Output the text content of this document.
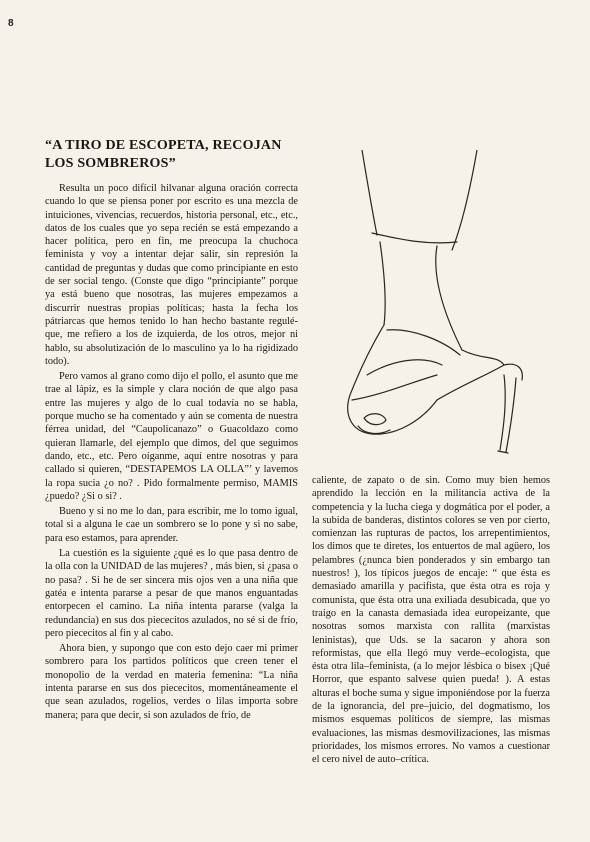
8
“A TIRO DE ESCOPETA, RECOJAN
LOS SOMBREROS”

Resulta un poco difícil hilvanar alguna oración correcta cuando lo que se piensa poner por escrito es una mezcla de intuiciones, vivencias, recuerdos, historia personal, etc., etc., datos de los cuales que yo sepa recién se está empezando a hacer política, pero en fin, me preocupa la chuchoca feminista y voy a intentar dejar salir, sin represión la cantidad de preguntas y dudas que como principiante en esto de ser social tengo. (Conste que digo “principiante” porque ya está bueno que nosotras, las mujeres empezamos a discurrir nuestras propias políticas; hasta la fecha los pátriarcas que hemos tenido lo han hecho bastante regulé-que, me refiero a los de izquierda, de los otros, mejor ni hablo, su absolutización de lo masculino ya lo ha rigidizado todo).

Pero vamos al grano como dijo el pollo, el asunto que me trae al lápiz, es la simple y clara noción de que algo pasa entre las mujeres y algo de lo cual todavía no se habla, porque mucho se ha comentado y aún se comenta de nuestra férrea unidad, del “Caupolicanazo” o Guacoldazo como quieran llamarle, del ejemplo que dimos, del que seguimos dando, etc., etc. Pero oíganme, aquí entre nosotras y para callado si quieren, “DESTAPEMOS LA OLLA”’ y lavemos la ropa sucia ¿o no? . Pido formalmente permiso, MAMIS ¿puedo? ¿Si o si? .

Bueno y si no me lo dan, para escribir, me lo tomo igual, total si a alguna le cae un sombrero se lo pone y si no sabe, para eso estamos, para aprender.

La cuestión es la siguiente ¿qué es lo que pasa dentro de la olla con la UNIDAD de las mujeres? , más bien, si ¿pasa o no pasa? . Si he de ser sincera mis ojos ven a una niña que gatéa e intenta pararse a pesar de que manos enguantadas entorpecen el camino. La niña intenta pararse (valga la redundancia) en sus dos piececitos azulados, no sé si de frío, pero piececitos al fin y al cabo.

Ahora bien, y supongo que con esto dejo caer mi primer sombrero para los partidos políticos que creen tener el monopolio de la verdad en materia femenina: “La niña intenta pararse en sus dos piececitos, momentáneamente el que sean azulados, rogelios, verdes o lilas importa sobre manera; para que decir, si son azulados de frío, de

caliente, de zapato o de sin. Como muy bien hemos aprendido la lección en la militancia activa de la competencia y la lucha ciega y dogmática por el poder, a la subida de banderas, distintos colores se ven por cierto, comienzan las rupturas de pactos, los arrepentimientos, los dimos que te diretes, los entuertos de mal agüero, los pelambres (¿nunca bien ponderados y sin embargo tan nuestros! ), los típicos juegos de encaje: “ que ésta es demasiado amarilla y pacifista, que ésta otra es roja y comunista, que ésta otra una exiliada desubicada, que yo traigo en la canasta demasiada idea europeizante, que nosotras somos marxista con rallita (marxistas leninistas), que Uds. se la sacaron y ahora son reformistas, que ella llegó muy verde–ecologista, que ésta otra lila–feminista, (a lo mejor lésbica o bisex ¡Qué Horror, que espanto salvese quien pueda! ). A estas alturas el boche suma y sigue imponiéndose por la fuerza de la ignorancia, del pre–juicio, del dogmatismo, los mismos esquemas políticos de siempre, las mismas evaluaciones, las mismas desmovilizaciones, las mismas prioridades, los mismos errores. No vamos a cuestionar el cero nivel de auto–crítica.
